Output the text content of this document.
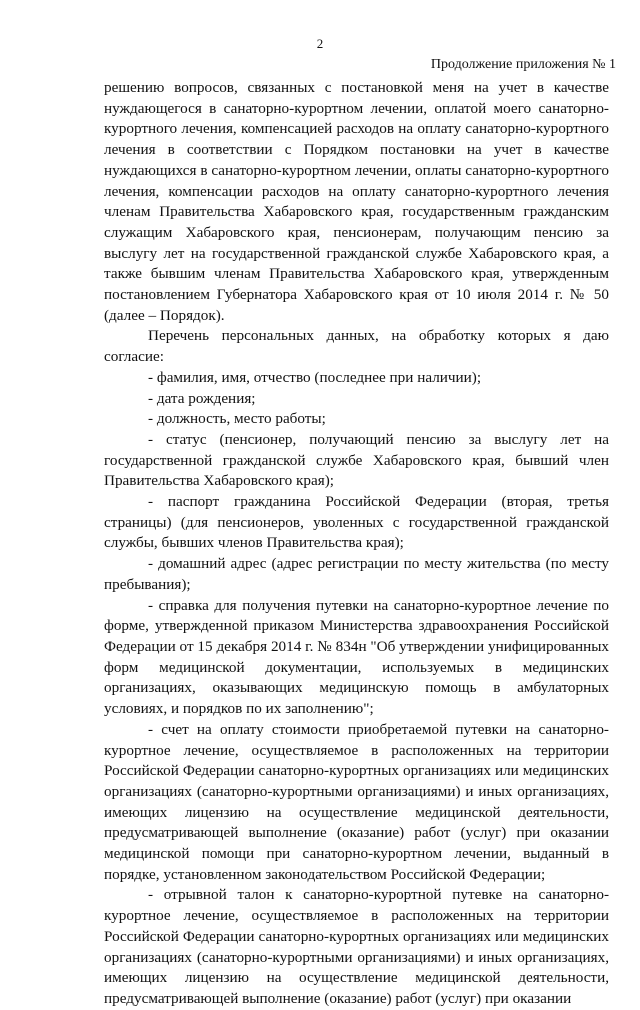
2
Продолжение приложения № 1

решению вопросов, связанных с постановкой меня на учет в качестве нуждающегося в санаторно-курортном лечении, оплатой моего санаторно-курортного лечения, компенсацией расходов на оплату санаторно-курортного лечения в соответствии с Порядком постановки на учет в качестве нуждающихся в санаторно-курортном лечении, оплаты санаторно-курортного лечения, компенсации расходов на оплату санаторно-курортного лечения членам Правительства Хабаровского края, государственным гражданским служащим Хабаровского края, пенсионерам, получающим пенсию за выслугу лет на государственной гражданской службе Хабаровского края, а также бывшим членам Правительства Хабаровского края, утвержденным постановлением Губернатора Хабаровского края от 10 июля 2014 г. № 50 (далее – Порядок).

Перечень персональных данных, на обработку которых я даю согласие:

- фамилия, имя, отчество (последнее при наличии);

- дата рождения;

- должность, место работы;

- статус (пенсионер, получающий пенсию за выслугу лет на государственной гражданской службе Хабаровского края, бывший член Правительства Хабаровского края);

- паспорт гражданина Российской Федерации (вторая, третья страницы) (для пенсионеров, уволенных с государственной гражданской службы, бывших членов Правительства края);

- домашний адрес (адрес регистрации по месту жительства (по месту пребывания);

- справка для получения путевки на санаторно-курортное лечение по форме, утвержденной приказом Министерства здравоохранения Российской Федерации от 15 декабря 2014 г. № 834н "Об утверждении унифицированных форм медицинской документации, используемых в медицинских организациях, оказывающих медицинскую помощь в амбулаторных условиях, и порядков по их заполнению";

- счет на оплату стоимости приобретаемой путевки на санаторно-курортное лечение, осуществляемое в расположенных на территории Российской Федерации санаторно-курортных организациях или медицинских организациях (санаторно-курортными организациями) и иных организациях, имеющих лицензию на осуществление медицинской деятельности, предусматривающей выполнение (оказание) работ (услуг) при оказании медицинской помощи при санаторно-курортном лечении, выданный в порядке, установленном законодательством Российской Федерации;

- отрывной талон к санаторно-курортной путевке на санаторно-курортное лечение, осуществляемое в расположенных на территории Российской Федерации санаторно-курортных организациях или медицинских организациях (санаторно-курортными организациями) и иных организациях, имеющих лицензию на осуществление медицинской деятельности, предусматривающей выполнение (оказание) работ (услуг) при оказании
